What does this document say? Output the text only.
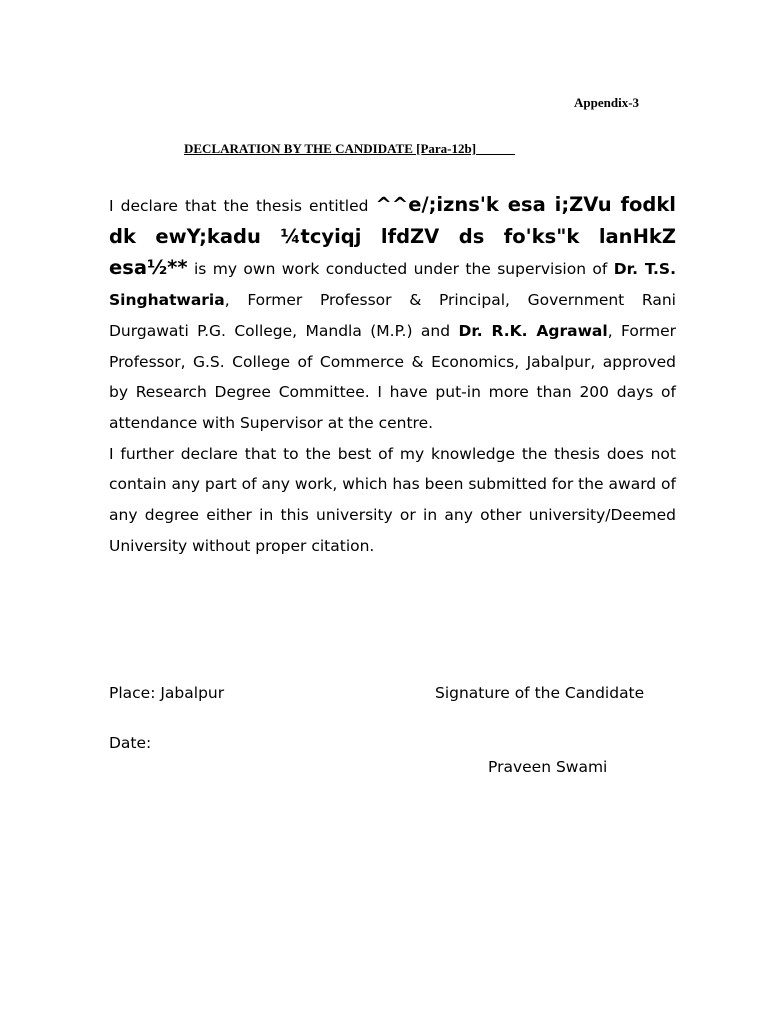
Appendix-3
DECLARATION BY THE CANDIDATE [Para-12b]

I declare that the thesis entitled ^^e/;izns'k esa i;ZVu fodkl dk ewY;kadu ¼tcyiqj lfdZV ds fo'ks"k lanHkZ esa½** is my own work conducted under the supervision of Dr. T.S. Singhatwaria, Former Professor & Principal, Government Rani Durgawati P.G. College, Mandla (M.P.) and Dr. R.K. Agrawal, Former Professor, G.S. College of Commerce & Economics, Jabalpur, approved by Research Degree Committee. I have put-in more than 200 days of attendance with Supervisor at the centre.

I further declare that to the best of my knowledge the thesis does not contain any part of any work, which has been submitted for the award of any degree either in this university or in any other university/Deemed University without proper citation.

Place: Jabalpur	Signature of the Candidate
Date:
Praveen Swami
